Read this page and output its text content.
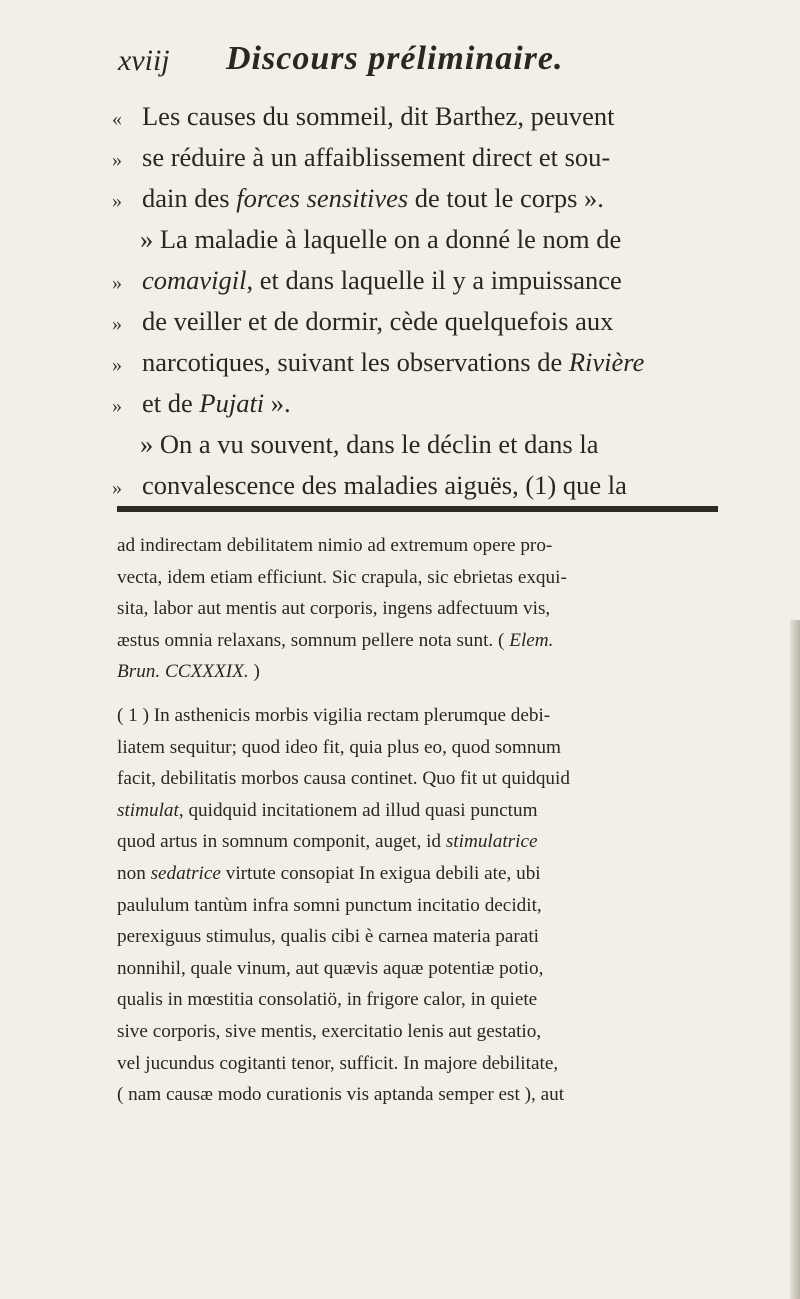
xviij Discours préliminaire.
« Les causes du sommeil, dit Barthez, peuvent
» se réduire à un affaiblissement direct et sou-
» dain des forces sensitives de tout le corps ».
» La maladie à laquelle on a donné le nom de
» comavigil, et dans laquelle il y a impuissance
» de veiller et de dormir, cède quelquefois aux
» narcotiques, suivant les observations de Rivière
» et de Pujati ».
» On a vu souvent, dans le déclin et dans la
» convalescence des maladies aiguës, (1) que la
ad indirectam debilitatem nimio ad extremum opere pro-
vecta, idem etiam efficiunt. Sic crapula, sic ebrietas exqui-
sita, labor aut mentis aut corporis, ingens adfectuum vis,
æstus omnia relaxans, somnum pellere nota sunt. ( Elem.
Brun. CCXXXIX. )
( 1 ) In asthenicis morbis vigilia rectam plerumque debi-
liatem sequitur; quod ideo fit, quia plus eo, quod somnum
facit, debilitatis morbos causa continet. Quo fit ut quidquid
stimulat, quidquid incitationem ad illud quasi punctum
quod artus in somnum componit, auget, id stimulatrice
non sedatrice virtute consopiat In exigua debili ate, ubi
paululum tantùm infra somni punctum incitatio decidit,
perexiguus stimulus, qualis cibi è carnea materia parati
nonnihil, quale vinum, aut quævis aquæ potentiæ potio,
qualis in mœstitia consolatiö, in frigore calor, in quiete
sive corporis, sive mentis, exercitatio lenis aut gestatio,
vel jucundus cogitanti tenor, sufficit. In majore debilitate,
( nam causæ modo curationis vis aptanda semper est ), aut
